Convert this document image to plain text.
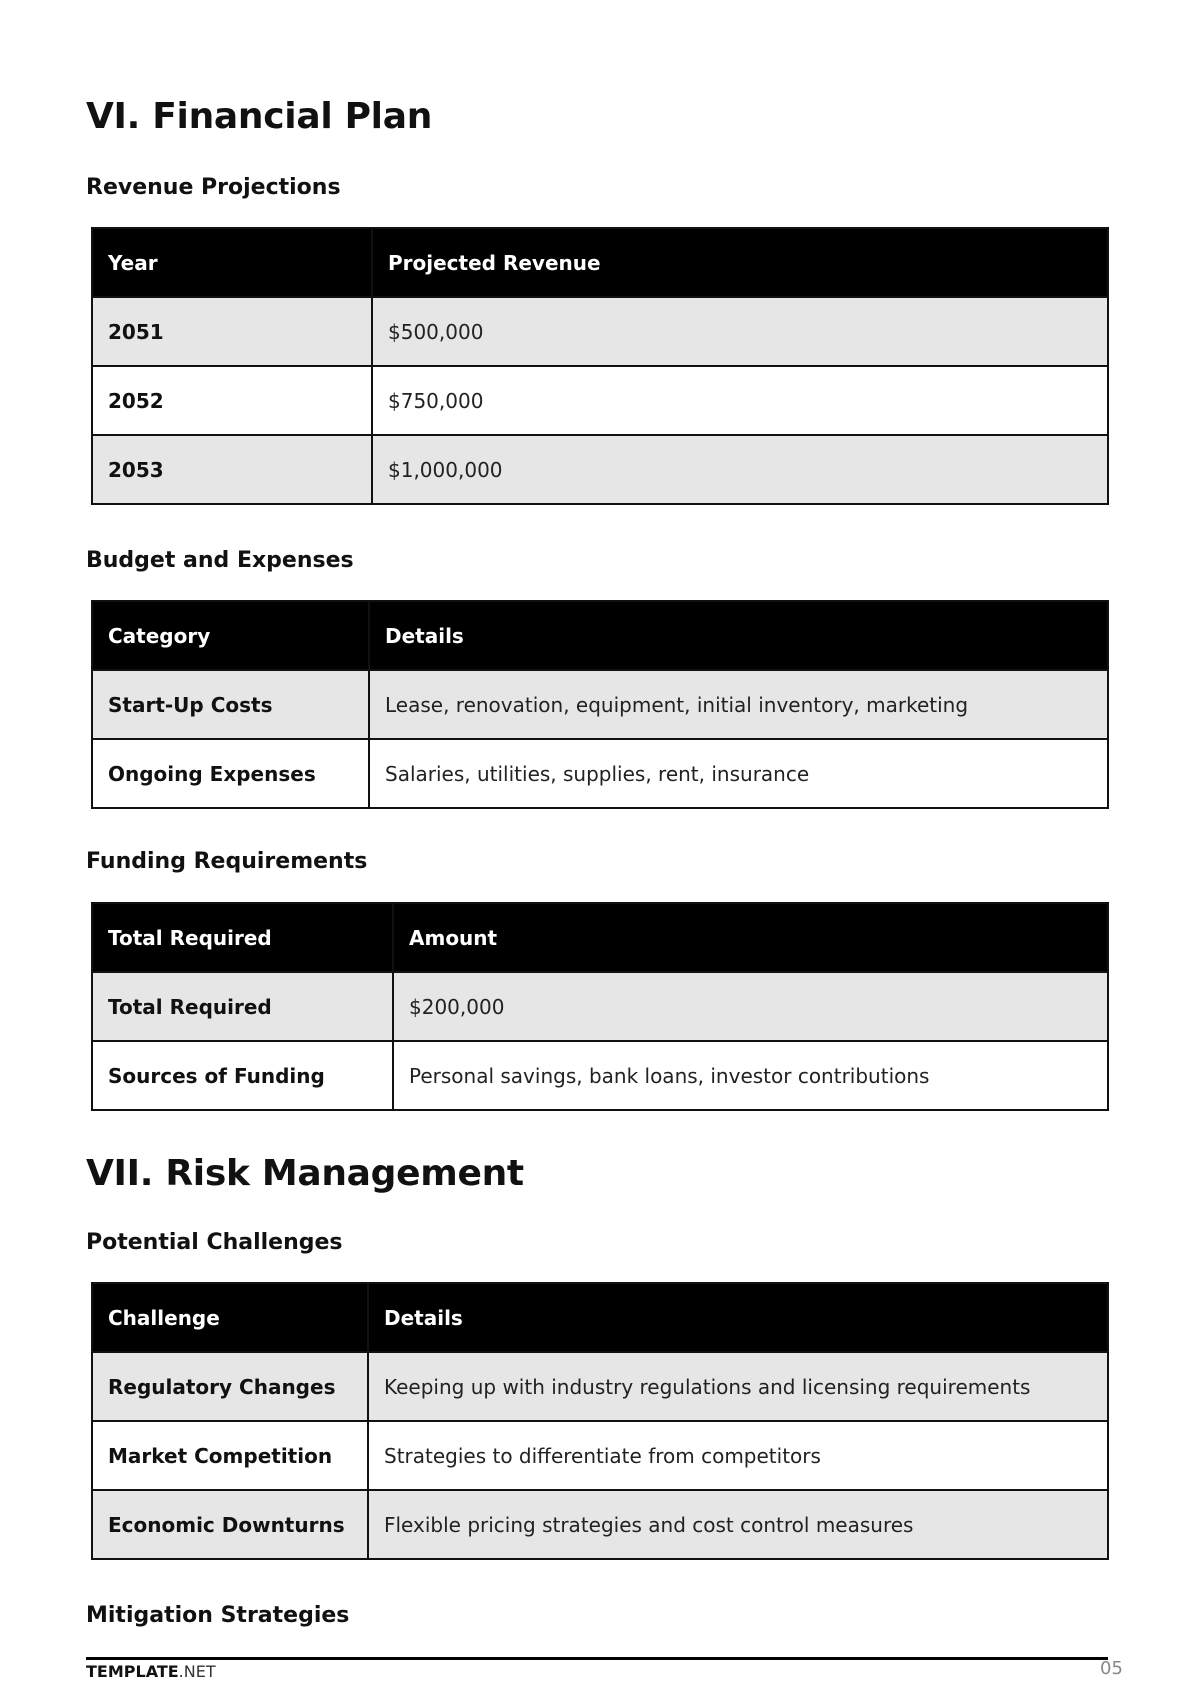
VI. Financial Plan
Revenue Projections
Year	Projected Revenue
2051	$500,000
2052	$750,000
2053	$1,000,000
Budget and Expenses
Category	Details
Start-Up Costs	Lease, renovation, equipment, initial inventory, marketing
Ongoing Expenses	Salaries, utilities, supplies, rent, insurance
Funding Requirements
Total Required	Amount
Total Required	$200,000
Sources of Funding	Personal savings, bank loans, investor contributions
VII. Risk Management
Potential Challenges
Challenge	Details
Regulatory Changes	Keeping up with industry regulations and licensing requirements
Market Competition	Strategies to differentiate from competitors
Economic Downturns	Flexible pricing strategies and cost control measures
Mitigation Strategies
TEMPLATE.NET	05
